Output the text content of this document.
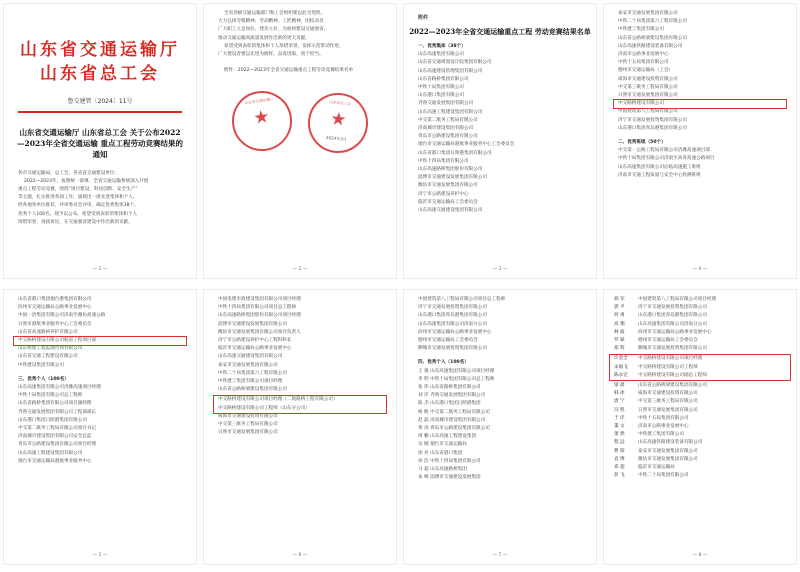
山东省交通运输厅
山东省总工会
鲁交建管〔2024〕11号
山东省交通运输厅 山东省总工会 关于公布2022—2023年全省交通运输 重点工程劳动竞赛结果的通知
各市交通运输局、总工会，各省直交通建设单位：
2022—2023年，按照统一部署，全省交通运输系统深入开展
重点工程劳动竞赛，围绕“项目建设、科技创新、安全生产”
等主题，扎实推进各项工作，涌现出一批先进集体和个人。
经各地各单位推荐，评审委员会评审，确定优秀集体38个、
优秀个人100名，现予以公布。希望受到表彰的集体和个人
珍惜荣誉，再接再厉，在交通强省建设中作出新的贡献。
— 1 —
全省各级交通运输部门和工会组织要以此为契机，
大力弘扬劳模精神、劳动精神、工匠精神，团结动员
广大职工立足岗位、建功立业，为加快建设交通强省、
推动交通运输高质量发展作出新的更大贡献。
希望受到表彰的集体和个人珍惜荣誉，发挥示范带动作用，
广大建设者要以先进为榜样，奋发进取，勇于担当。
附件：2022—2023年全省交通运输重点工程劳动竞赛结果名单
山东省交通运输厅
★
山东省总工会
★
2024年3月
— 2 —
附件
2022—2023年全省交通运输重点工程 劳动竞赛结果名单
一、优秀集体（38个）
山东高速集团有限公司
山东省交通规划设计院集团有限公司
山东高速建设管理集团有限公司
山东省路桥集团有限公司
中铁十局集团有限公司
山东港口集团有限公司
齐鲁交通发展集团有限公司
山东高速工程建设集团有限公司
中交第二航务工程局有限公司
济南城市建设集团有限公司
青岛市公路建设集团有限公司
烟台市交通运输局港航事业服务中心工会委员会
山东省港口集团日照港集团有限公司
中铁十四局集团有限公司
山东高速路桥集团股份有限公司
淄博市交通建设发展集团有限公司
潍坊市交通发展集团有限公司
济宁市公路建设养护中心
临沂市交通运输局工会委员会
山东高速交通建设集团有限公司
— 3 —
泰安市交通发展集团有限公司
中铁二十局集团第六工程有限公司
中铁建工集团有限公司
山东省公路桥梁建设集团有限公司
山东高速铁路建设装备有限公司
济南市公路事业发展中心
中铁十五局集团有限公司
德州市交通运输局（工会）
威海市交通建设投资有限公司
中交第三航务工程局有限公司
日照市交通发展集团有限公司
中交路桥建设有限公司
中国建筑第八工程局有限公司
济宁市交通发展投资集团有限公司
山东港口集团青岛港集团有限公司
二、优秀班组（50个）
中交第一公路工程局有限公司济潍高速项目部
中铁十局集团有限公司济南至高青高速公路项目
山东高速集团有限公司沾临高速施工班组
济南市交通工程质量与安全中心检测班组
— 4 —
山东省港口集团烟台港集团有限公司
滨州市交通运输局公路事业发展中心
中国一冶集团有限公司济南至潍坊高速公路
日照市港航事业服务中心工会委员会
山东省高速路桥养护有限公司
中交路桥建设有限公司航道工程项目部
山东恒建工程监理咨询有限公司
山东省交通工程建设有限公司
中铁建设集团有限公司
三、优秀个人（100名）
山东高速集团有限公司济潍高速项目经理
中铁十局集团有限公司总工程师
山东省路桥集团有限公司项目副经理
齐鲁交通发展集团有限公司工程部部长
山东港口集团日照港集团有限公司
中交第二航务工程局有限公司项目书记
济南城市建设集团有限公司安全总监
青岛市公路建设集团有限公司项目经理
山东高速工程建设集团有限公司
烟台市交通运输局港航事业服务中心
— 5 —
中国电建市政建设集团有限公司项目经理
中铁十四局集团有限公司项目总工程师
山东高速路桥集团股份有限公司项目经理
淄博市交通建设发展集团有限公司
潍坊市交通发展集团有限公司项目负责人
济宁市公路建设养护中心工程科科长
临沂市交通运输局公路事业发展中心
山东高速交通建设集团有限公司
泰安市交通发展集团有限公司
中铁二十局集团第六工程有限公司
中铁建工集团有限公司项目经理
山东省公路桥梁建设集团有限公司
中交路桥建设有限公司项目经理（二航路桥工程有限公司）
中交路桥建设有限公司工程师（山东分公司）
威海市交通建设投资有限公司
中交第三航务工程局有限公司
日照市交通发展集团有限公司
— 6 —
中国建筑第八工程局有限公司项目总工程师
济宁市交通发展投资集团有限公司
山东港口集团青岛港集团有限公司
山东高速集团有限公司济南分公司
滨州市交通运输局公路事业发展中心
德州市交通运输局工会委员会
聊城市交通发展投资集团有限公司
四、优秀个人（100名）
王 强 山东高速集团有限公司项目经理
李 明 中铁十局集团有限公司总工程师
张 伟 山东省路桥集团有限公司
刘 洋 齐鲁交通发展集团有限公司
陈 杰 山东港口集团日照港集团
杨 帆 中交第二航务工程局有限公司
赵 磊 济南城市建设集团有限公司
黄 涛 青岛市公路建设集团有限公司
周 鹏 山东高速工程建设集团
吴 刚 烟台市交通运输局
徐 亮 山东省港口集团
孙 浩 中铁十四局集团有限公司
马 超 山东高速路桥集团
朱 峰 淄博市交通建设发展集团
— 7 —
胡 军	中国建筑第八工程局有限公司项目经理
郭 平	济宁市交通发展投资集团有限公司
何 勇	山东港口集团青岛港集团有限公司
高 翔	山东高速集团有限公司济南分公司
林 波	滨州市交通运输局公路事业发展中心
罗 斌	德州市交通运输局工会委员会
郑 辉	聊城市交通发展投资集团有限公司
许金全 中交路桥建设有限公司项目经理
宋福飞 中交路桥建设有限公司工程师
陈永宏 中交路桥建设有限公司副总工程师
梁 晨	山东省公路桥梁建设集团有限公司
韩 冰	威海市交通建设投资有限公司
唐 宁	中交第三航务工程局有限公司
冯 凯	日照市交通发展集团有限公司
于 洋	中铁十五局集团有限公司
董 文	济南市公路事业发展中心
萧 然	中铁建工集团有限公司
程 远	山东高速铁路建设装备有限公司
曹 阳	泰安市交通发展集团有限公司
袁 博	潍坊市交通发展集团有限公司
邓 超	临沂市交通运输局
彭 飞	中铁二十局集团有限公司
— 8 —
